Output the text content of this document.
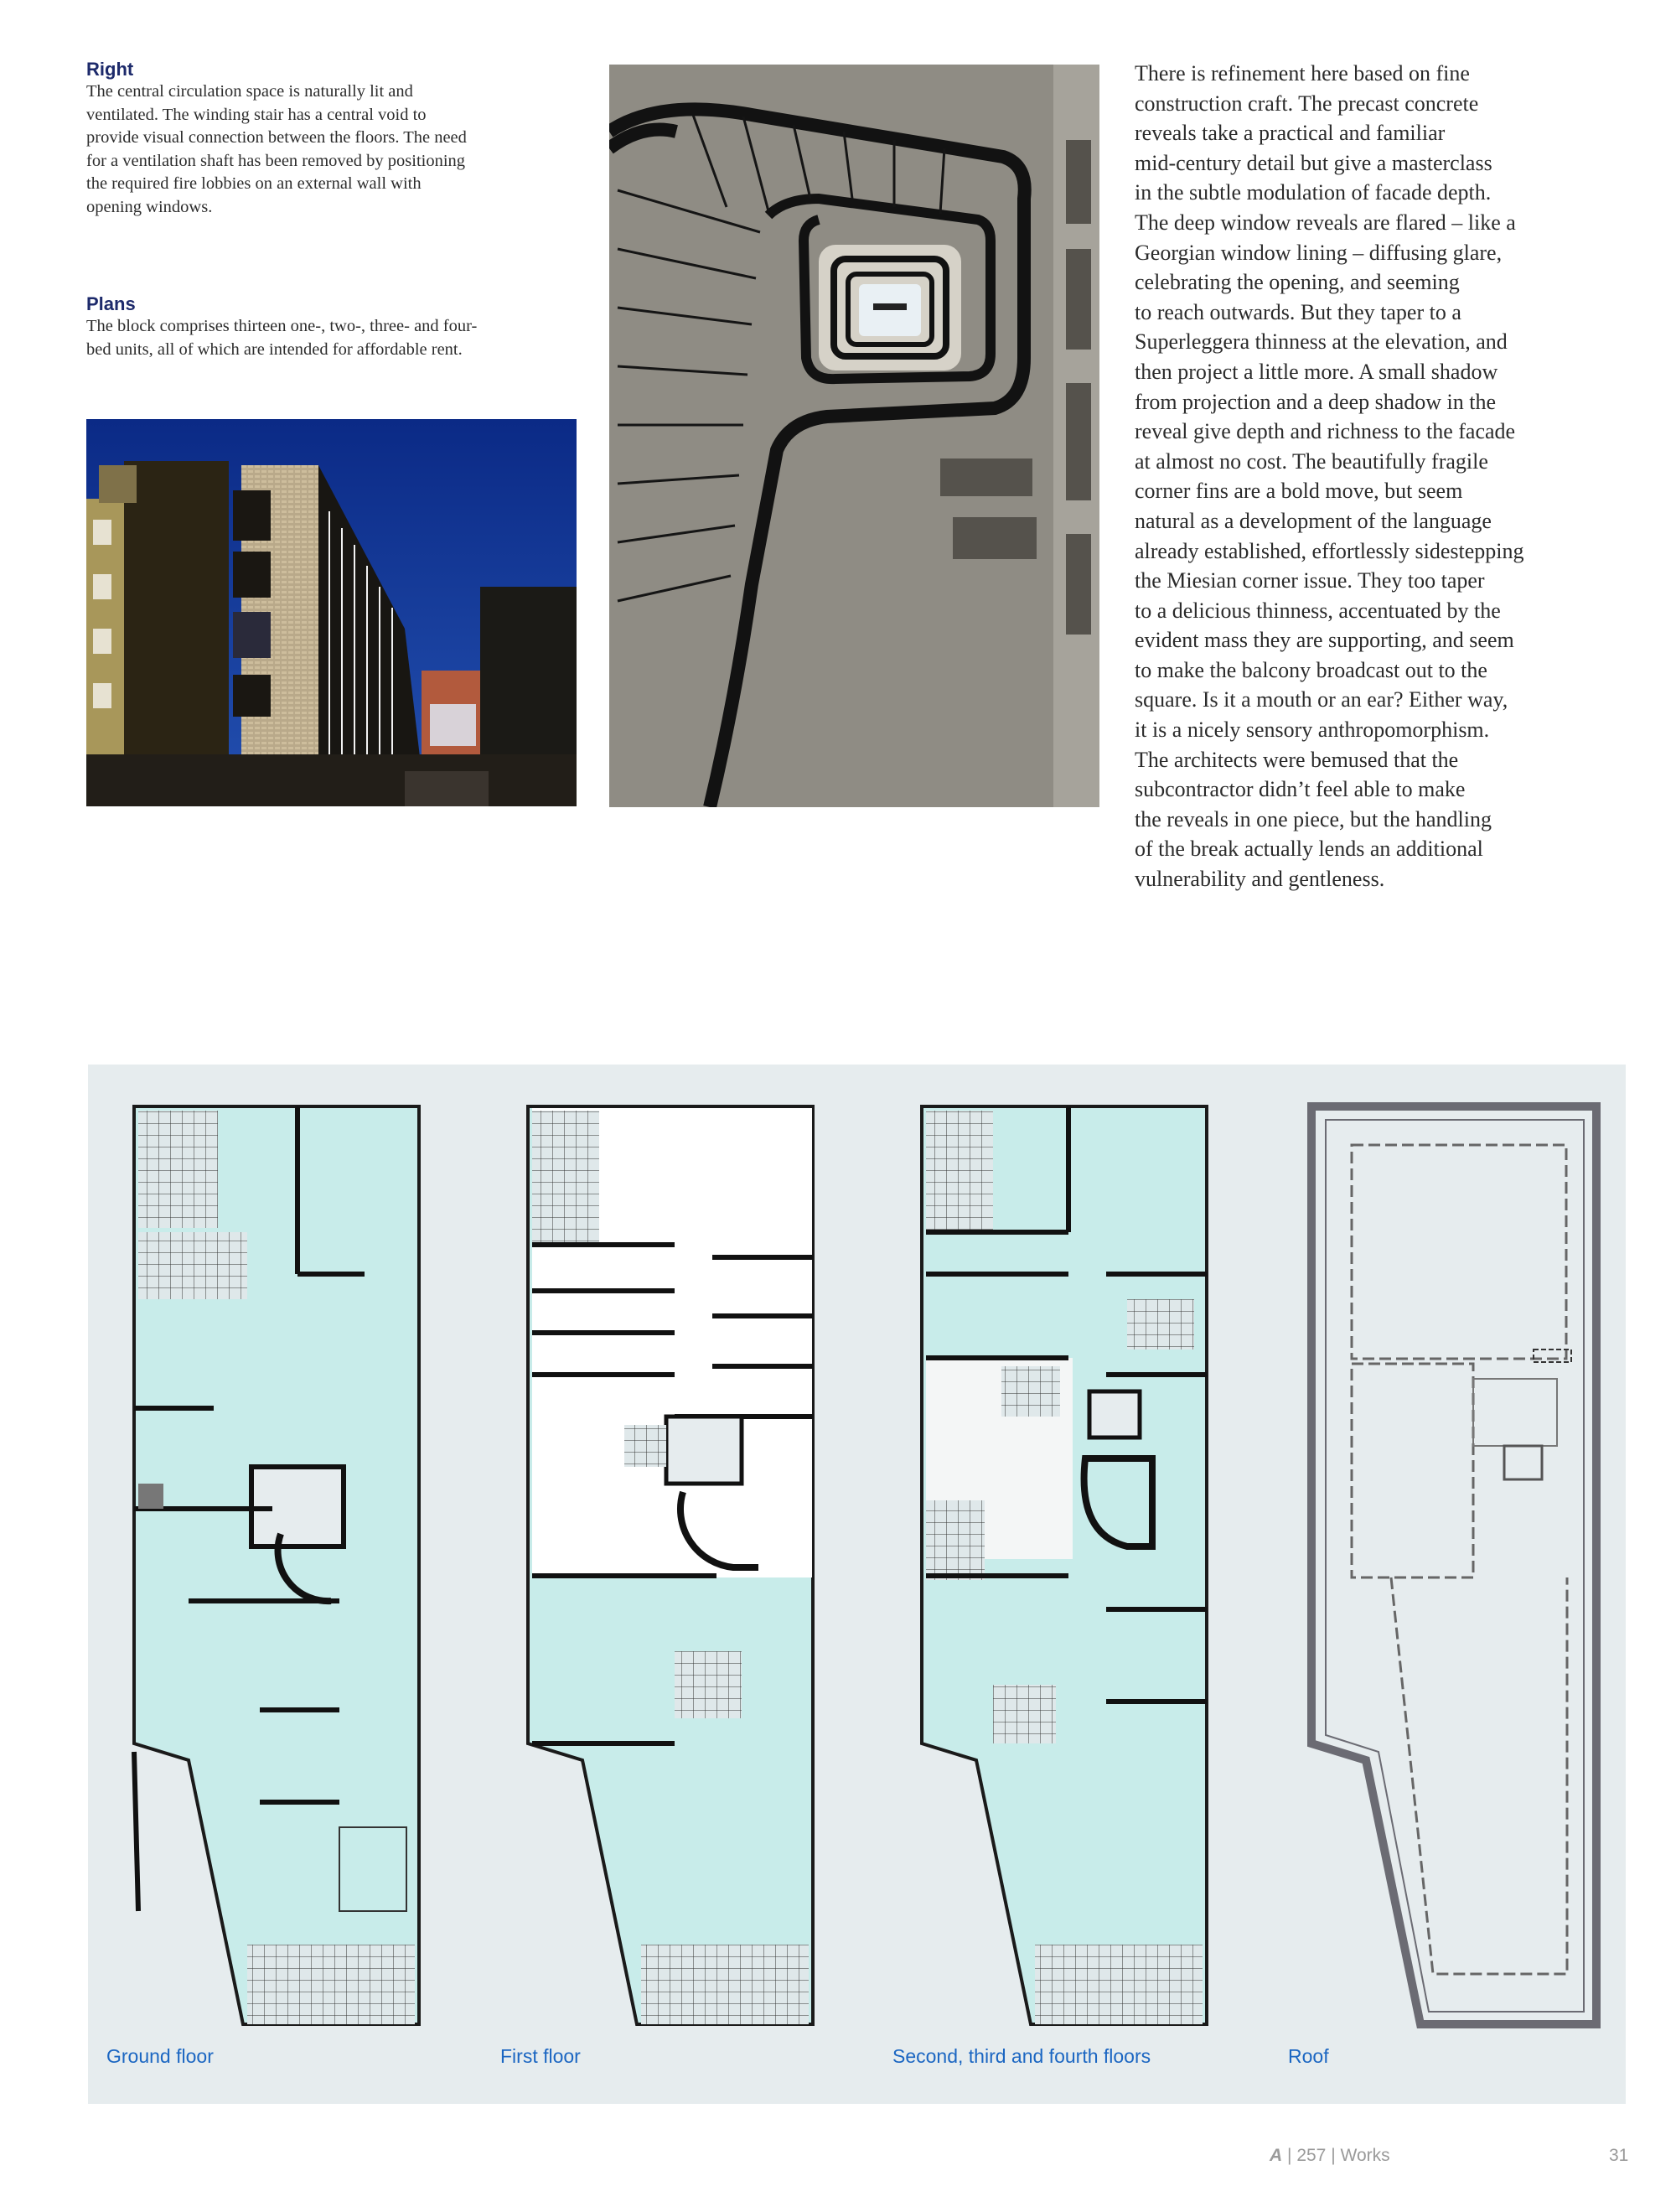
Right

The central circulation space is naturally lit and ventilated. The winding stair has a central void to provide visual connection between the floors. The need for a ventilation shaft has been removed by positioning the required fire lobbies on an external wall with opening windows.

Plans

The block comprises thirteen one-, two-, three- and four-bed units, all of which are intended for affordable rent.

There is refinement here based on fine
construction craft. The precast concrete
reveals take a practical and familiar
mid-century detail but give a masterclass
in the subtle modulation of facade depth.
The deep window reveals are flared – like a
Georgian window lining – diffusing glare,
celebrating the opening, and seeming
to reach outwards. But they taper to a
Superleggera thinness at the elevation, and
then project a little more. A small shadow
from projection and a deep shadow in the
reveal give depth and richness to the facade
at almost no cost. The beautifully fragile
corner fins are a bold move, but seem
natural as a development of the language
already established, effortlessly sidestepping
the Miesian corner issue. They too taper
to a delicious thinness, accentuated by the
evident mass they are supporting, and seem
to make the balcony broadcast out to the
square. Is it a mouth or an ear? Either way,
it is a nicely sensory anthropomorphism.
The architects were bemused that the
subcontractor didn’t feel able to make
the reveals in one piece, but the handling
of the break actually lends an additional
vulnerability and gentleness.
Ground floor	First floor	Second, third and fourth floors	Roof
A | 257 | Works	31
